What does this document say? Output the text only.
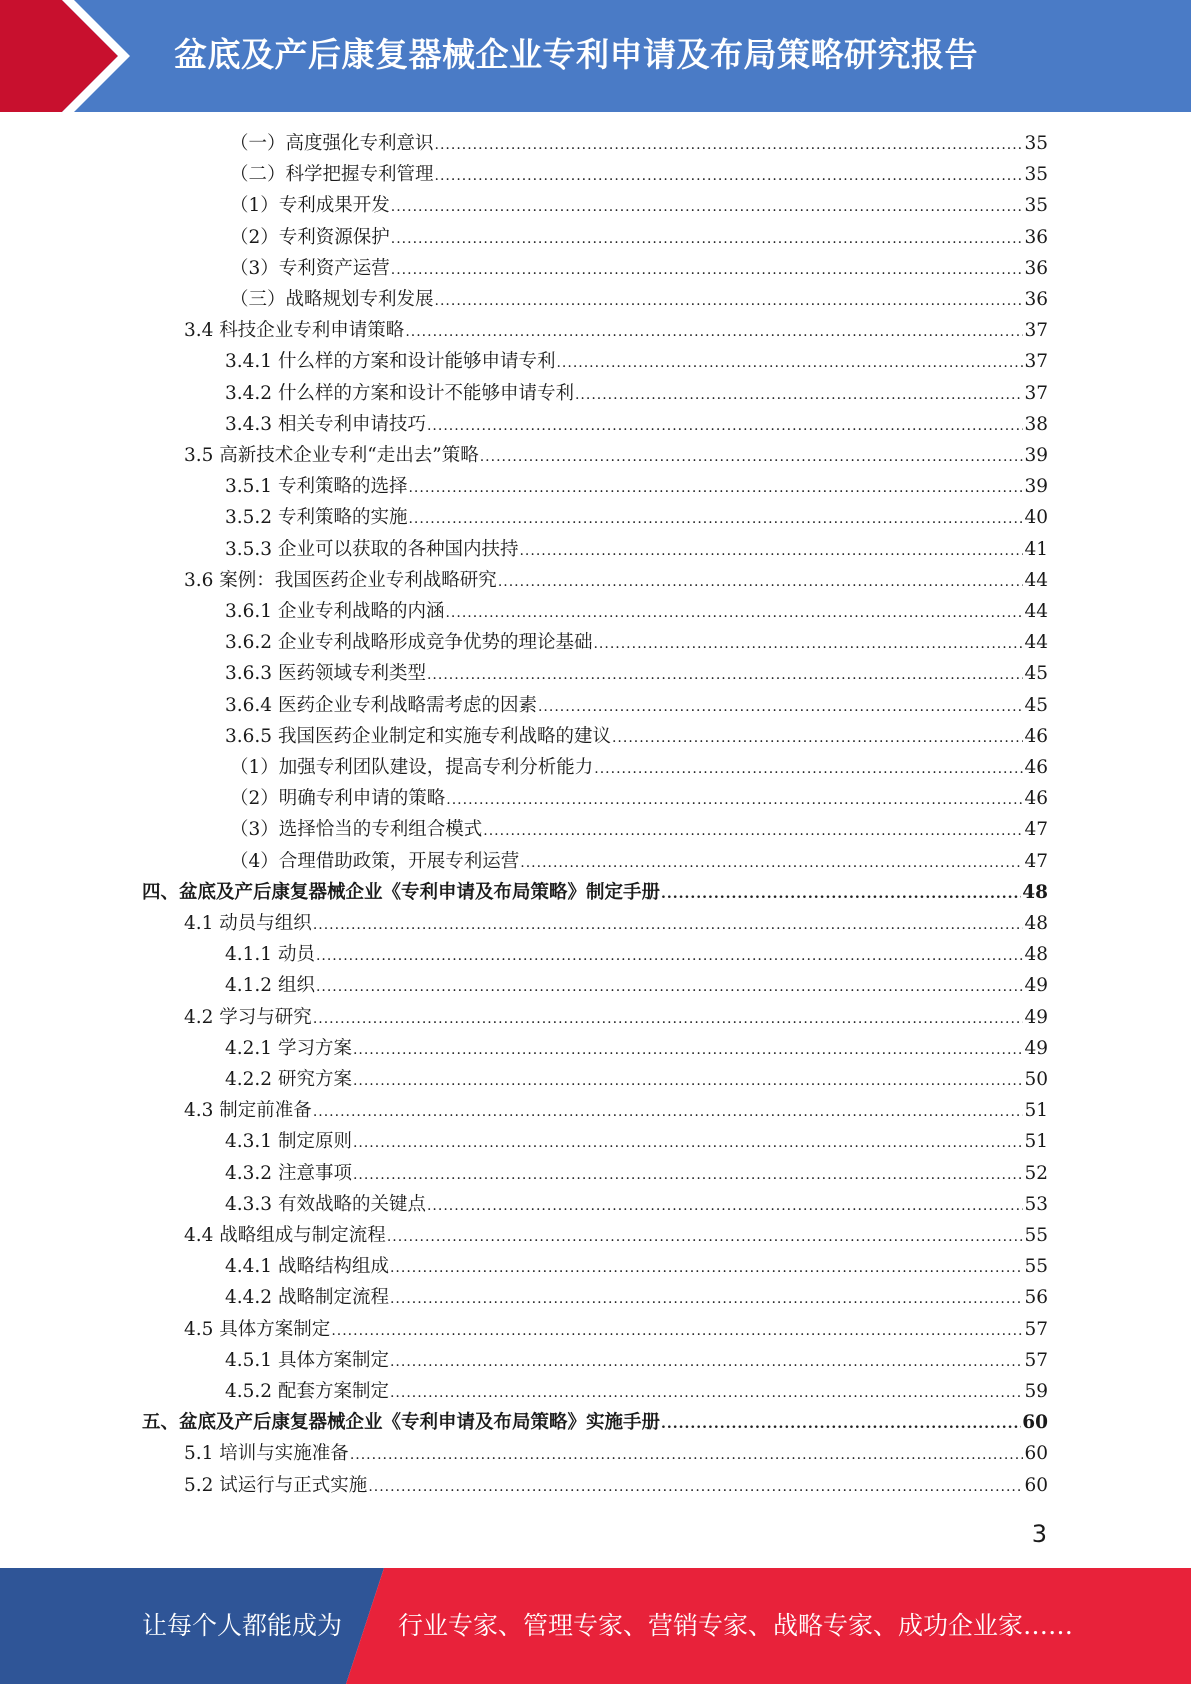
盆底及产后康复器械企业专利申请及布局策略研究报告
（一）高度强化专利意识 .....	35
（二）科学把握专利管理 .....	35
（1）专利成果开发 .....	35
（2）专利资源保护 .....	36
（3）专利资产运营 .....	36
（三）战略规划专利发展 .....	36
3.4 科技企业专利申请策略 .....	37
3.4.1 什么样的方案和设计能够申请专利 .....	37
3.4.2 什么样的方案和设计不能够申请专利 .....	37
3.4.3 相关专利申请技巧 .....	38
3.5 高新技术企业专利“走出去”策略 .....	39
3.5.1 专利策略的选择 .....	39
3.5.2 专利策略的实施 .....	40
3.5.3 企业可以获取的各种国内扶持 .....	41
3.6 案例：我国医药企业专利战略研究 .....	44
3.6.1 企业专利战略的内涵 .....	44
3.6.2 企业专利战略形成竞争优势的理论基础 .....	44
3.6.3 医药领域专利类型 .....	45
3.6.4 医药企业专利战略需考虑的因素 .....	45
3.6.5 我国医药企业制定和实施专利战略的建议 .....	46
（1）加强专利团队建设，提高专利分析能力 .....	46
（2）明确专利申请的策略 .....	46
（3）选择恰当的专利组合模式 .....	47
（4）合理借助政策，开展专利运营 .....	47
四、盆底及产后康复器械企业《专利申请及布局策略》制定手册 .....	48
4.1 动员与组织 .....	48
4.1.1 动员 .....	48
4.1.2 组织 .....	49
4.2 学习与研究 .....	49
4.2.1 学习方案 .....	49
4.2.2 研究方案 .....	50
4.3 制定前准备 .....	51
4.3.1 制定原则 .....	51
4.3.2 注意事项 .....	52
4.3.3 有效战略的关键点 .....	53
4.4 战略组成与制定流程 .....	55
4.4.1 战略结构组成 .....	55
4.4.2 战略制定流程 .....	56
4.5 具体方案制定 .....	57
4.5.1 具体方案制定 .....	57
4.5.2 配套方案制定 .....	59
五、盆底及产后康复器械企业《专利申请及布局策略》实施手册 .....	60
5.1 培训与实施准备 .....	60
5.2 试运行与正式实施 .....	60
3
让每个人都能成为 行业专家、管理专家、营销专家、战略专家、成功企业家……
